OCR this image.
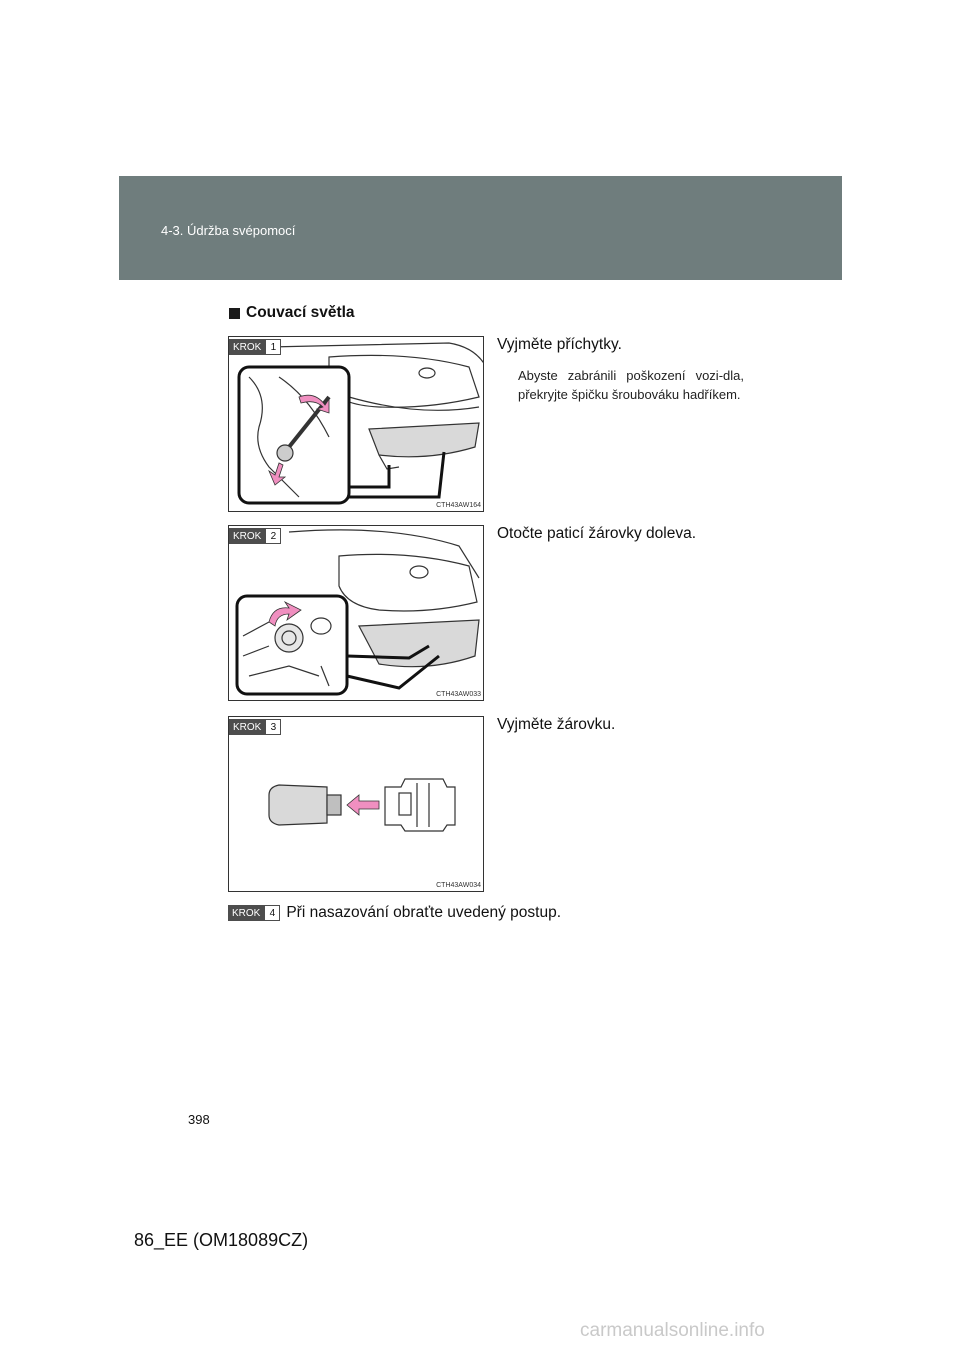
4-3. Údržba svépomocí
Couvací světla
KROK 1
CTH43AW164
Vyjměte příchytky.
Abyste zabránili poškození vozi-dla, překryjte špičku šroubováku hadříkem.
KROK 2
CTH43AW033
Otočte paticí žárovky doleva.
KROK 3
CTH43AW034
Vyjměte žárovku.
KROK 4 Při nasazování obraťte uvedený postup.
398
86_EE (OM18089CZ)
carmanualsonline.info
